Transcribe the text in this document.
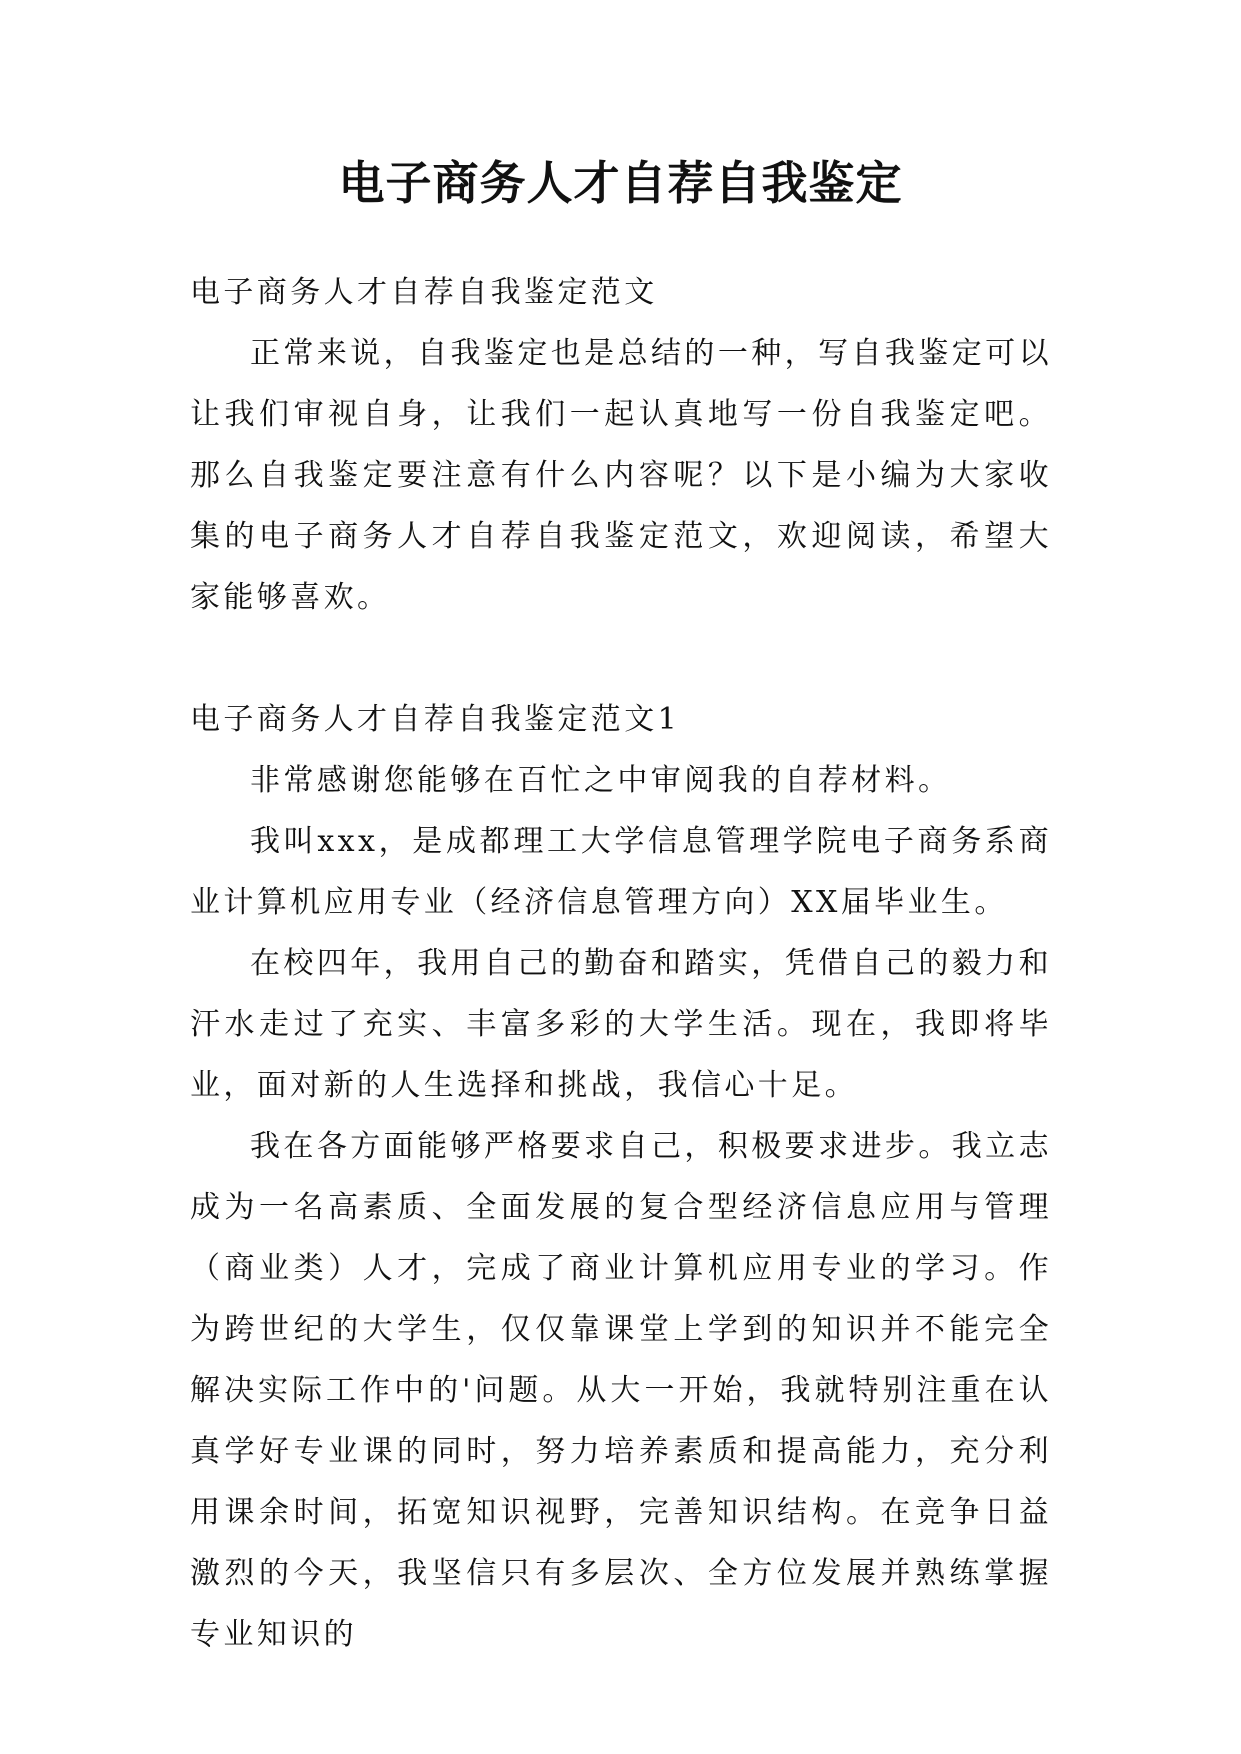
电子商务人才自荐自我鉴定

电子商务人才自荐自我鉴定范文

正常来说，自我鉴定也是总结的一种，写自我鉴定可以让我们审视自身，让我们一起认真地写一份自我鉴定吧。那么自我鉴定要注意有什么内容呢？以下是小编为大家收集的电子商务人才自荐自我鉴定范文，欢迎阅读，希望大家能够喜欢。

电子商务人才自荐自我鉴定范文1

非常感谢您能够在百忙之中审阅我的自荐材料。

我叫xxx，是成都理工大学信息管理学院电子商务系商业计算机应用专业（经济信息管理方向）XX届毕业生。

在校四年，我用自己的勤奋和踏实，凭借自己的毅力和汗水走过了充实、丰富多彩的大学生活。现在，我即将毕业，面对新的人生选择和挑战，我信心十足。

我在各方面能够严格要求自己，积极要求进步。我立志成为一名高素质、全面发展的复合型经济信息应用与管理（商业类）人才，完成了商业计算机应用专业的学习。作为跨世纪的大学生，仅仅靠课堂上学到的知识并不能完全解决实际工作中的'问题。从大一开始，我就特别注重在认真学好专业课的同时，努力培养素质和提高能力，充分利用课余时间，拓宽知识视野，完善知识结构。在竞争日益激烈的今天，我坚信只有多层次、全方位发展并熟练掌握专业知识的
